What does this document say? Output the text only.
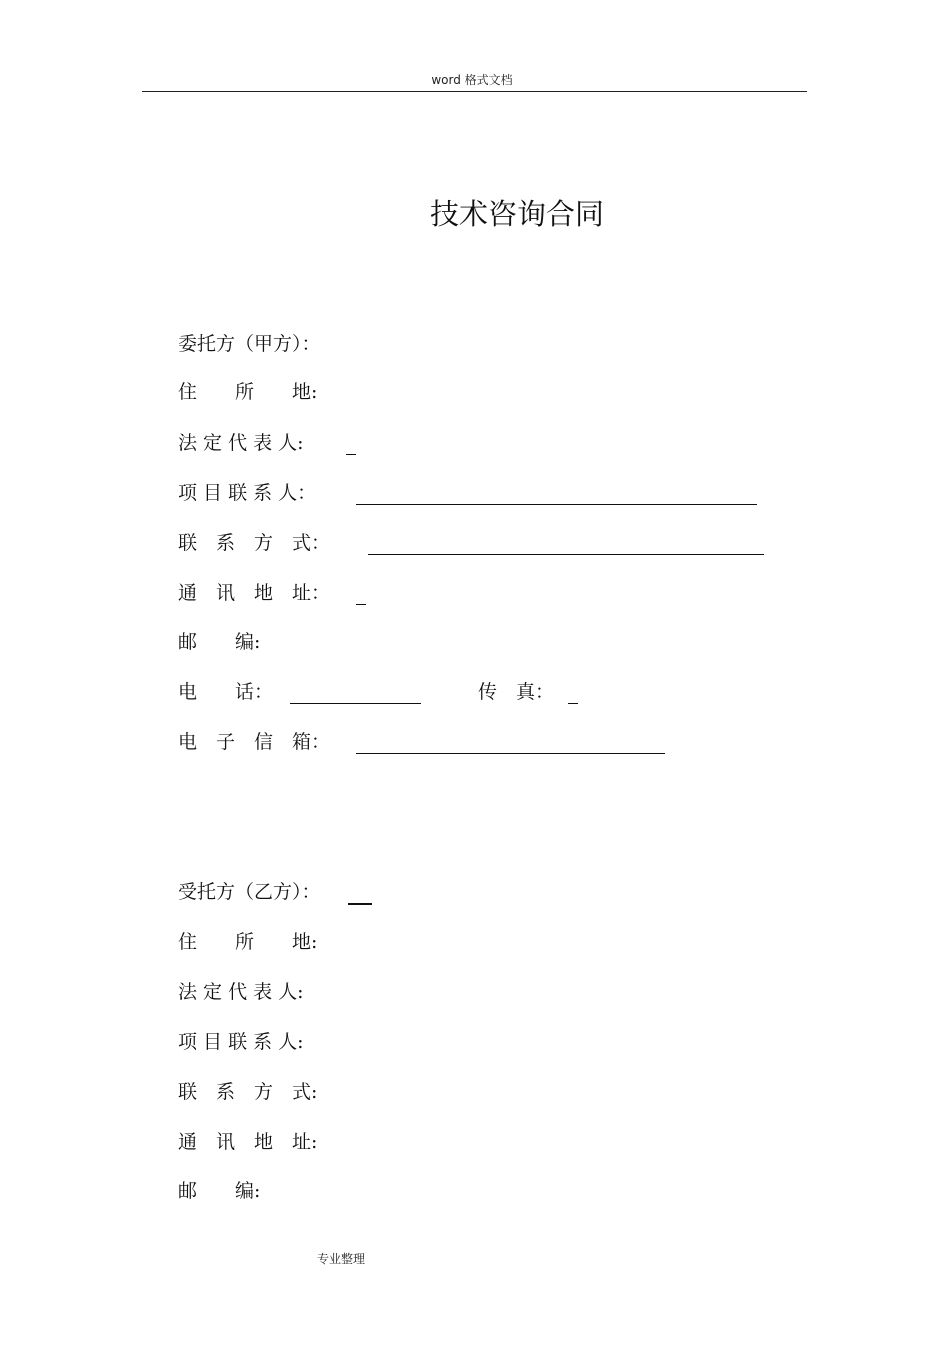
word 格式文档
技术咨询合同
委托方（甲方）：
住　　所　　地:
法 定 代 表 人:
项 目 联 系 人：
联　系　方　式：
通　讯　地　址：
邮　　编:
电　　话：	传　真：
电　子　信　箱：
受托方（乙方）：
住　　所　　地:
法 定 代 表 人:
项 目 联 系 人:
联　系　方　式:
通　讯　地　址:
邮　　编:
专业整理
